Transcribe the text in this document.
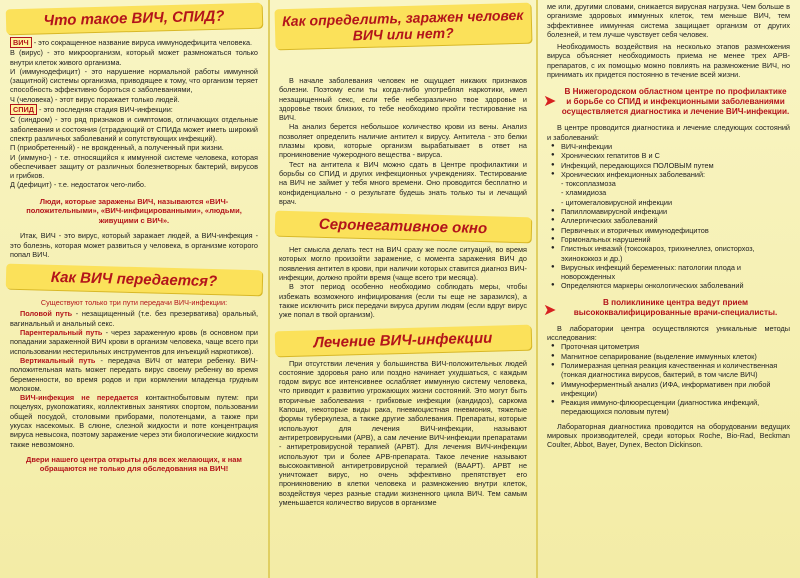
Что такое ВИЧ, СПИД?

ВИЧ - это сокращенное название вируса иммунодефицита человека.

В (вирус) - это микроорганизм, который может размножаться только внутри клеток живого организма.

И (иммунодефицит) - это нарушение нормальной работы иммунной (защитной) системы организма, приводящее к тому, что организм теряет способность эффективно бороться с заболеваниями,

Ч (человека) - этот вирус поражает только людей.

СПИД - это последняя стадия ВИЧ-инфекции:

С (синдром) - это ряд признаков и симптомов, отличающих отдельные заболевания и состояния (страдающий от СПИДа может иметь широкий спектр различных заболеваний и сопутствующих инфекций).

П (приобретенный) - не врожденный, а полученный при жизни.

И (иммуно-) - т.е. относящийся к иммунной системе человека, которая обеспечивает защиту от различных болезнетворных бактерий, вирусов и грибков.

Д (дефицит) - т.е. недостаток чего-либо.

Люди, которые заражены ВИЧ, называются «ВИЧ-положительными», «ВИЧ-инфицированными», «людьми, живущими с ВИЧ».

Итак, ВИЧ - это вирус, который заражает людей, а ВИЧ-инфекция - это болезнь, которая может развиться у человека, в организме которого попал ВИЧ.

Как ВИЧ передается?

Существуют только три пути передачи ВИЧ-инфекции:

Половой путь - незащищенный (т.е. без презерватива) оральный, вагинальный и анальный секс.

Парентеральный путь - через зараженную кровь (в основном при попадании зараженной ВИЧ крови в организм человека, чаще всего при использовании нестерильных инструментов для инъекций наркотиков).

Вертикальный путь - передача ВИЧ от матери ребенку. ВИЧ-положительная мать может передать вирус своему ребенку во время беременности, во время родов и при кормлении младенца грудным молоком.

ВИЧ-инфекция не передается контактнобытовым путем: при поцелуях, рукопожатиях, коллективных занятиях спортом, пользовании общей посудой, столовыми приборами, полотенцами, а также при укусах насекомых. В слюне, слезной жидкости и поте концентрация вируса невысока, поэтому заражение через эти биологические жидкости также невозможно.

Двери нашего центра открыты для всех желающих, к нам обращаются не только для обследования на ВИЧ!

Как определить, заражен человек ВИЧ или нет?

В начале заболевания человек не ощущает никаких признаков болезни. Поэтому если ты когда-либо употреблял наркотики, имел незащищенный секс, если тебе небезразлично твое здоровье и здоровье твоих близких, то тебе необходимо пройти тестирование на ВИЧ.

На анализ берется небольшое количество крови из вены. Анализ позволяет определить наличие антител к вирусу. Антитела - это белки плазмы крови, которые организм вырабатывает в ответ на проникновение чужеродного вещества - вируса.

Тест на антитела к ВИЧ можно сдать в Центре профилактики и борьбы со СПИД и других инфекционных учреждениях. Тестирование на ВИЧ не займет у тебя много времени. Оно проводится бесплатно и конфиденциально - о результате будешь знать только ты и лечащий врач.

Серонегативное окно

Нет смысла делать тест на ВИЧ сразу же после ситуаций, во время которых могло произойти заражение, с момента заражения ВИЧ до появления антител в крови, при наличии которых ставится диагноз ВИЧ-инфекции, должно пройти время (чаще всего три месяца).

В этот период особенно необходимо соблюдать меры, чтобы избежать возможного инфицирования (если ты еще не заразился), а также исключить риск передачи вируса другим людям (если вдруг вирус уже попал в твой организм).

Лечение ВИЧ-инфекции

При отсутствии лечения у большинства ВИЧ-положительных людей состояние здоровья рано или поздно начинает ухудшаться, с каждым годом вирус все интенсивнее ослабляет иммунную систему человека, что приводит к развитию угрожающих жизни состояний. Это могут быть вторичные заболевания - грибковые инфекции (кандидоз), саркома Капоши, некоторые виды рака, пневмоцистная пневмония, тяжелые формы туберкулеза, а также другие заболевания. Препараты, которые используют для лечения ВИЧ-инфекции, называют антиретровирусными (АРВ), а сам лечение ВИЧ-инфекции препаратами - антиретровирусной терапией (АРВТ). Для лечения ВИЧ-инфекции используют три и более АРВ-препарата. Такое лечение называют высокоактивной антиретровирусной терапией (ВААРТ). АРВТ не уничтожает вирус, но очень эффективно препятствует его проникновению в клетки человека и размножению внутри клеток, воздействуя через разные стадии жизненного цикла ВИЧ. Тем самым уменьшается количество вирусов в организме

ме или, другими словами, снижается вирусная нагрузка. Чем больше в организме здоровых иммунных клеток, тем меньше ВИЧ, тем эффективнее иммунная система защищает организм от других болезней, и тем лучше чувствует себя человек.

Необходимость воздействия на несколько этапов размножения вируса объясняет необходимость приема не менее трех АРВ-препаратов, с их помощью можно повлиять на размножение ВИЧ, но принимать их придется постоянно в течение всей жизни.

➤

В Нижегородском областном центре по профилактике и борьбе со СПИД и инфекционными заболеваниями осуществляется диагностика и лечение ВИЧ-инфекции.

В центре проводится диагностика и лечение следующих состояний и заболеваний:

● ВИЧ-инфекции
● Хронических гепатитов В и С
● Инфекций, передающихся ПОЛОВЫМ путем
● Хронических инфекционных заболеваний:
- токсоплазмоза
- хламидиоза
- цитомегаловирусной инфекции
● Папилломавирусной инфекции
● Аллергических заболеваний
● Первичных и вторичных иммунодефицитов
● Гормональных нарушений
● Глистных инвазий (токсокароз, трихинеллез, описторхоз, эхинококкоз и др.)
● Вирусных инфекций беременных: патологии плода и новорожденных
● Определяются маркеры онкологических заболеваний
➤	В поликлинике центра ведут прием высококвалифицированные врачи-специалисты.

В лаборатории центра осуществляются уникальные методы исследования:

● Проточная цитометрия
● Магнитное сепарирование (выделение иммунных клеток)
● Полимеразная цепная реакция качественная и количественная (тонкая диагностика вирусов, бактерий, в том числе ВИЧ)
● Иммуноферментный анализ (ИФА, информативен при любой инфекции)
● Реакция иммуно-флюоресценции (диагностика инфекций, передающихся половым путем)

Лабораторная диагностика проводится на оборудовании ведущих мировых производителей, среди которых Roche, Bio-Rad, Beckman Coulter, Abbot, Bayer, Dynex, Becton Dickinson.
